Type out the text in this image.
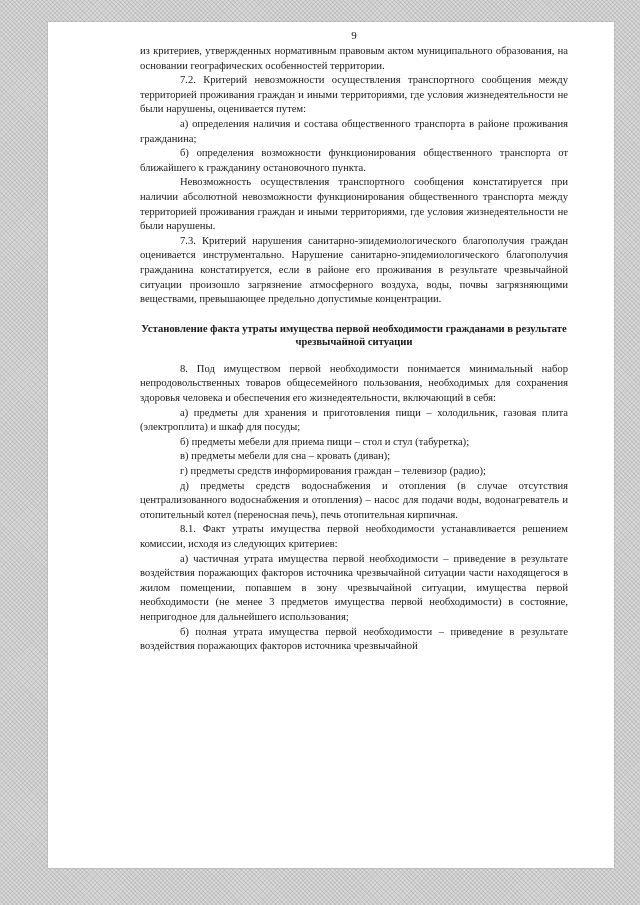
9

из критериев, утвержденных нормативным правовым актом муниципального образования, на основании географических особенностей территории.

7.2. Критерий невозможности осуществления транспортного сообщения между территорией проживания граждан и иными территориями, где условия жизнедеятельности не были нарушены, оценивается путем:

а) определения наличия и состава общественного транспорта в районе проживания гражданина;

б) определения возможности функционирования общественного транспорта от ближайшего к гражданину остановочного пункта.

Невозможность осуществления транспортного сообщения констатируется при наличии абсолютной невозможности функционирования общественного транспорта между территорией проживания граждан и иными территориями, где условия жизнедеятельности не были нарушены.

7.3. Критерий нарушения санитарно-эпидемиологического благополучия граждан оценивается инструментально. Нарушение санитарно-эпидемиологического благополучия гражданина констатируется, если в районе его проживания в результате чрезвычайной ситуации произошло загрязнение атмосферного воздуха, воды, почвы загрязняющими веществами, превышающее предельно допустимые концентрации.

Установление факта утраты имущества первой необходимости гражданами в результате чрезвычайной ситуации

8. Под имуществом первой необходимости понимается минимальный набор непродовольственных товаров общесемейного пользования, необходимых для сохранения здоровья человека и обеспечения его жизнедеятельности, включающий в себя:

а) предметы для хранения и приготовления пищи – холодильник, газовая плита (электроплита) и шкаф для посуды;

б) предметы мебели для приема пищи – стол и стул (табуретка);

в) предметы мебели для сна – кровать (диван);

г) предметы средств информирования граждан – телевизор (радио);

д) предметы средств водоснабжения и отопления (в случае отсутствия централизованного водоснабжения и отопления) – насос для подачи воды, водонагреватель и отопительный котел (переносная печь), печь отопительная кирпичная.

8.1. Факт утраты имущества первой необходимости устанавливается решением комиссии, исходя из следующих критериев:

а) частичная утрата имущества первой необходимости – приведение в результате воздействия поражающих факторов источника чрезвычайной ситуации части находящегося в жилом помещении, попавшем в зону чрезвычайной ситуации, имущества первой необходимости (не менее 3 предметов имущества первой необходимости) в состояние, непригодное для дальнейшего использования;

б) полная утрата имущества первой необходимости – приведение в результате воздействия поражающих факторов источника чрезвычайной
